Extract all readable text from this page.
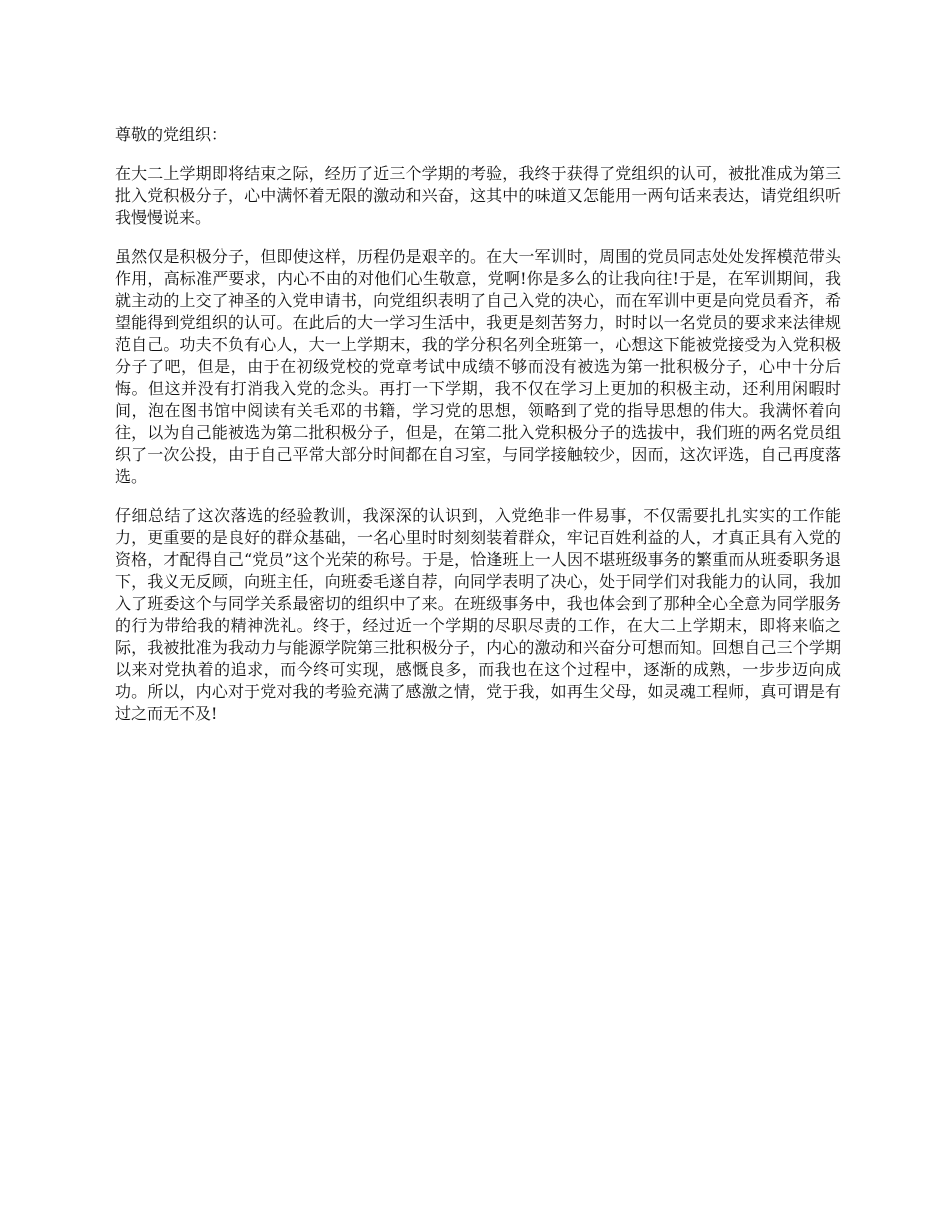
尊敬的党组织：

在大二上学期即将结束之际，经历了近三个学期的考验，我终于获得了党组织的认可，被批准成为第三批入党积极分子，心中满怀着无限的激动和兴奋，这其中的味道又怎能用一两句话来表达，请党组织听我慢慢说来。

虽然仅是积极分子，但即使这样，历程仍是艰辛的。在大一军训时，周围的党员同志处处发挥模范带头作用，高标准严要求，内心不由的对他们心生敬意，党啊!你是多么的让我向往!于是，在军训期间，我就主动的上交了神圣的入党申请书，向党组织表明了自己入党的决心，而在军训中更是向党员看齐，希望能得到党组织的认可。在此后的大一学习生活中，我更是刻苦努力，时时以一名党员的要求来法律规范自己。功夫不负有心人，大一上学期末，我的学分积名列全班第一，心想这下能被党接受为入党积极分子了吧，但是，由于在初级党校的党章考试中成绩不够而没有被选为第一批积极分子，心中十分后悔。但这并没有打消我入党的念头。再打一下学期，我不仅在学习上更加的积极主动，还利用闲暇时间，泡在图书馆中阅读有关毛邓的书籍，学习党的思想，领略到了党的指导思想的伟大。我满怀着向往，以为自己能被选为第二批积极分子，但是，在第二批入党积极分子的选拔中，我们班的两名党员组织了一次公投，由于自己平常大部分时间都在自习室，与同学接触较少，因而，这次评选，自己再度落选。

仔细总结了这次落选的经验教训，我深深的认识到，入党绝非一件易事，不仅需要扎扎实实的工作能力，更重要的是良好的群众基础，一名心里时时刻刻装着群众，牢记百姓利益的人，才真正具有入党的资格，才配得自己“党员”这个光荣的称号。于是，恰逢班上一人因不堪班级事务的繁重而从班委职务退下，我义无反顾，向班主任，向班委毛遂自荐，向同学表明了决心，处于同学们对我能力的认同，我加入了班委这个与同学关系最密切的组织中了来。在班级事务中，我也体会到了那种全心全意为同学服务的行为带给我的精神洗礼。终于，经过近一个学期的尽职尽责的工作，在大二上学期末，即将来临之际，我被批准为我动力与能源学院第三批积极分子，内心的激动和兴奋分可想而知。回想自己三个学期以来对党执着的追求，而今终可实现，感慨良多，而我也在这个过程中，逐渐的成熟，一步步迈向成功。所以，内心对于党对我的考验充满了感激之情，党于我，如再生父母，如灵魂工程师，真可谓是有过之而无不及!
